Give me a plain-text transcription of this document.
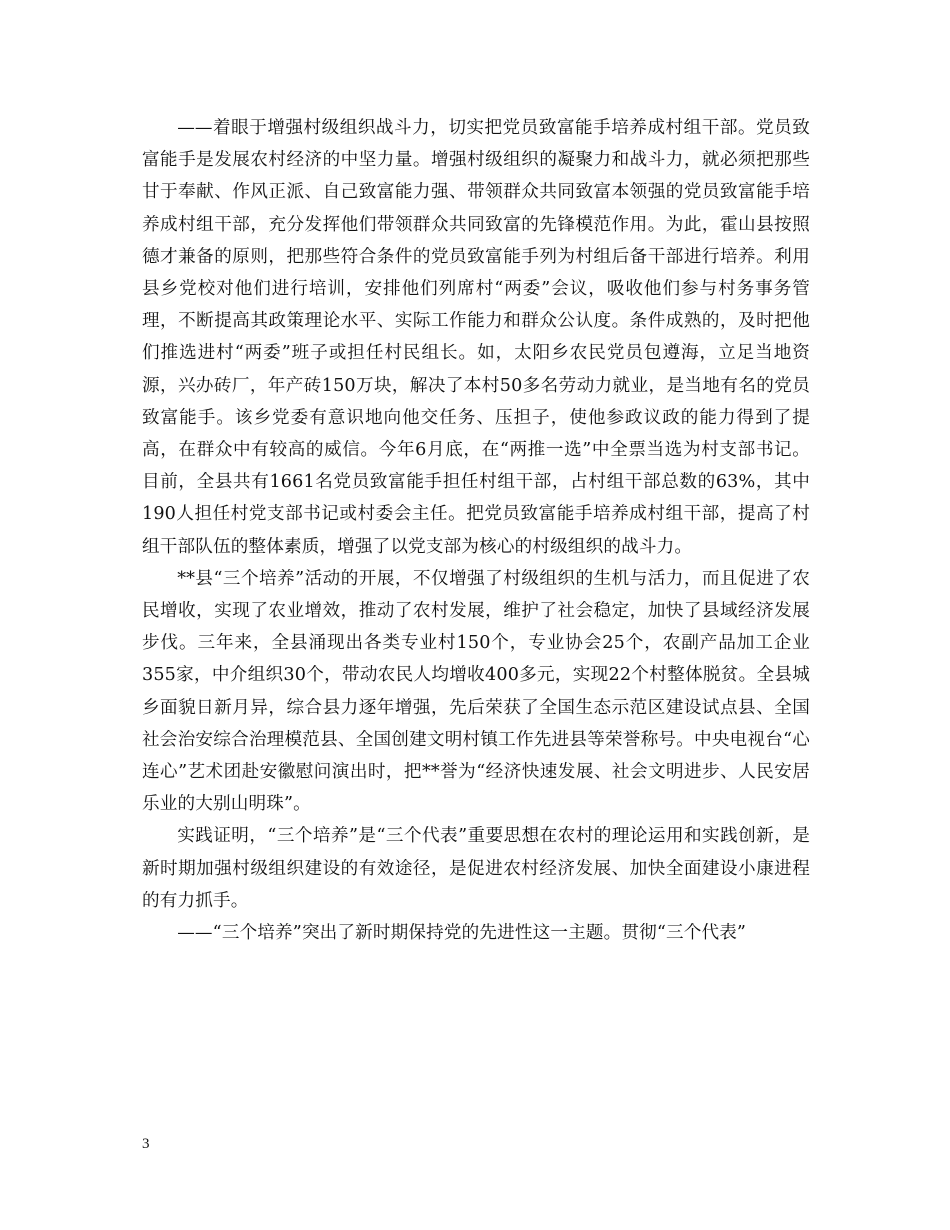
——着眼于增强村级组织战斗力，切实把党员致富能手培养成村组干部。党员致富能手是发展农村经济的中坚力量。增强村级组织的凝聚力和战斗力，就必须把那些甘于奉献、作风正派、自己致富能力强、带领群众共同致富本领强的党员致富能手培养成村组干部，充分发挥他们带领群众共同致富的先锋模范作用。为此，霍山县按照德才兼备的原则，把那些符合条件的党员致富能手列为村组后备干部进行培养。利用县乡党校对他们进行培训，安排他们列席村“两委”会议，吸收他们参与村务事务管理，不断提高其政策理论水平、实际工作能力和群众公认度。条件成熟的，及时把他们推选进村“两委”班子或担任村民组长。如，太阳乡农民党员包遵海，立足当地资源，兴办砖厂，年产砖150万块，解决了本村50多名劳动力就业，是当地有名的党员致富能手。该乡党委有意识地向他交任务、压担子，使他参政议政的能力得到了提高，在群众中有较高的威信。今年6月底，在“两推一选”中全票当选为村支部书记。目前，全县共有1661名党员致富能手担任村组干部，占村组干部总数的63%，其中190人担任村党支部书记或村委会主任。把党员致富能手培养成村组干部，提高了村组干部队伍的整体素质，增强了以党支部为核心的村级组织的战斗力。

**县“三个培养”活动的开展，不仅增强了村级组织的生机与活力，而且促进了农民增收，实现了农业增效，推动了农村发展，维护了社会稳定，加快了县域经济发展步伐。三年来，全县涌现出各类专业村150个，专业协会25个，农副产品加工企业355家，中介组织30个，带动农民人均增收400多元，实现22个村整体脱贫。全县城乡面貌日新月异，综合县力逐年增强，先后荣获了全国生态示范区建设试点县、全国社会治安综合治理模范县、全国创建文明村镇工作先进县等荣誉称号。中央电视台“心连心”艺术团赴安徽慰问演出时，把**誉为“经济快速发展、社会文明进步、人民安居乐业的大别山明珠”。

实践证明，“三个培养”是“三个代表”重要思想在农村的理论运用和实践创新，是新时期加强村级组织建设的有效途径，是促进农村经济发展、加快全面建设小康进程的有力抓手。

——“三个培养”突出了新时期保持党的先进性这一主题。贯彻“三个代表”

3
